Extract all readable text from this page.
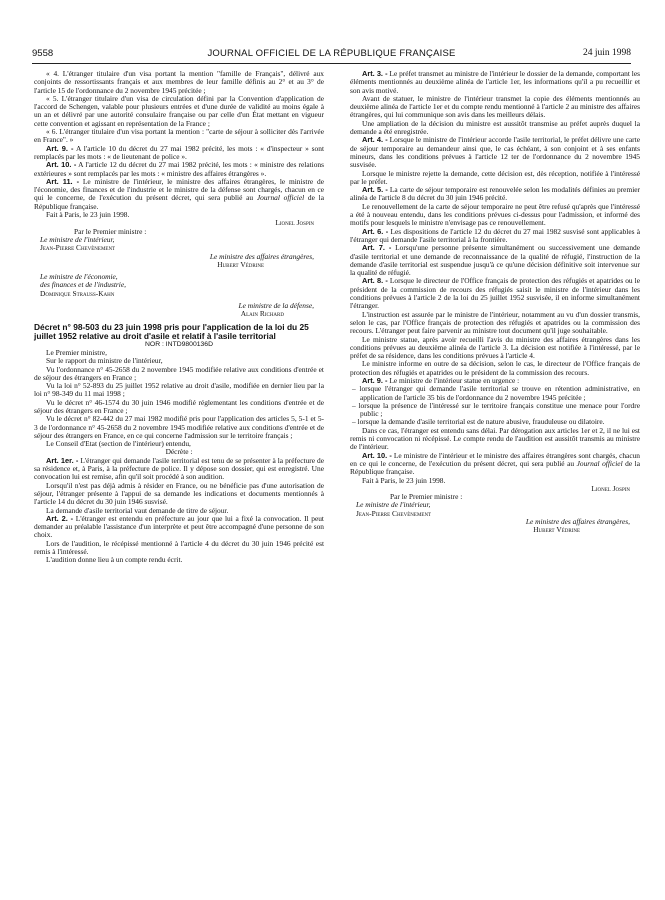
9558	JOURNAL OFFICIEL DE LA RÉPUBLIQUE FRANÇAISE	24 juin 1998

« 4. L'étranger titulaire d'un visa portant la mention "famille de Français", délivré aux conjoints de ressortissants français et aux membres de leur famille définis au 2° et au 3° de l'article 15 de l'ordonnance du 2 novembre 1945 précitée ;

« 5. L'étranger titulaire d'un visa de circulation défini par la Convention d'application de l'accord de Schengen, valable pour plusieurs entrées et d'une durée de validité au moins égale à un an et délivré par une autorité consulaire française ou par celle d'un État mettant en vigueur cette convention et agissant en représentation de la France ;

« 6. L'étranger titulaire d'un visa portant la mention : "carte de séjour à solliciter dès l'arrivée en France". »

Art. 9. - A l'article 10 du décret du 27 mai 1982 précité, les mots : « d'inspecteur » sont remplacés par les mots : « de lieutenant de police ».

Art. 10. - A l'article 12 du décret du 27 mai 1982 précité, les mots : « ministre des relations extérieures » sont remplacés par les mots : « ministre des affaires étrangères ».

Art. 11. - Le ministre de l'intérieur, le ministre des affaires étrangères, le ministre de l'économie, des finances et de l'industrie et le ministre de la défense sont chargés, chacun en ce qui le concerne, de l'exécution du présent décret, qui sera publié au Journal officiel de la République française.

Fait à Paris, le 23 juin 1998.

Lionel Jospin

Par le Premier ministre :

Le ministre de l'intérieur,

Jean-Pierre Chevènement

Le ministre des affaires étrangères,

Hubert Védrine

Le ministre de l'économie,

des finances et de l'industrie,

Dominique Strauss-Kahn

Le ministre de la défense,

Alain Richard

Décret n° 98-503 du 23 juin 1998 pris pour l'application de la loi du 25 juillet 1952 relative au droit d'asile et relatif à l'asile territorial

NOR : INTD9800136D

Le Premier ministre,

Sur le rapport du ministre de l'intérieur,

Vu l'ordonnance n° 45-2658 du 2 novembre 1945 modifiée relative aux conditions d'entrée et de séjour des étrangers en France ;

Vu la loi n° 52-893 du 25 juillet 1952 relative au droit d'asile, modifiée en dernier lieu par la loi n° 98-349 du 11 mai 1998 ;

Vu le décret n° 46-1574 du 30 juin 1946 modifié réglementant les conditions d'entrée et de séjour des étrangers en France ;

Vu le décret n° 82-442 du 27 mai 1982 modifié pris pour l'application des articles 5, 5-1 et 5-3 de l'ordonnance n° 45-2658 du 2 novembre 1945 modifiée relative aux conditions d'entrée et de séjour des étrangers en France, en ce qui concerne l'admission sur le territoire français ;

Le Conseil d'Etat (section de l'intérieur) entendu,

Décrète :

Art. 1er. - L'étranger qui demande l'asile territorial est tenu de se présenter à la préfecture de sa résidence et, à Paris, à la préfecture de police. Il y dépose son dossier, qui est enregistré. Une convocation lui est remise, afin qu'il soit procédé à son audition.

Lorsqu'il n'est pas déjà admis à résider en France, ou ne bénéficie pas d'une autorisation de séjour, l'étranger présente à l'appui de sa demande les indications et documents mentionnés à l'article 14 du décret du 30 juin 1946 susvisé.

La demande d'asile territorial vaut demande de titre de séjour.

Art. 2. - L'étranger est entendu en préfecture au jour que lui a fixé la convocation. Il peut demander au préalable l'assistance d'un interprète et peut être accompagné d'une personne de son choix.

Lors de l'audition, le récépissé mentionné à l'article 4 du décret du 30 juin 1946 précité est remis à l'intéressé.

L'audition donne lieu à un compte rendu écrit.

Art. 3. - Le préfet transmet au ministre de l'intérieur le dossier de la demande, comportant les éléments mentionnés au deuxième alinéa de l'article 1er, les informations qu'il a pu recueillir et son avis motivé.

Avant de statuer, le ministre de l'intérieur transmet la copie des éléments mentionnés au deuxième alinéa de l'article 1er et du compte rendu mentionné à l'article 2 au ministre des affaires étrangères, qui lui communique son avis dans les meilleurs délais.

Une ampliation de la décision du ministre est aussitôt transmise au préfet auprès duquel la demande a été enregistrée.

Art. 4. - Lorsque le ministre de l'intérieur accorde l'asile territorial, le préfet délivre une carte de séjour temporaire au demandeur ainsi que, le cas échéant, à son conjoint et à ses enfants mineurs, dans les conditions prévues à l'article 12 ter de l'ordonnance du 2 novembre 1945 susvisée.

Lorsque le ministre rejette la demande, cette décision est, dès réception, notifiée à l'intéressé par le préfet.

Art. 5. - La carte de séjour temporaire est renouvelée selon les modalités définies au premier alinéa de l'article 8 du décret du 30 juin 1946 précité.

Le renouvellement de la carte de séjour temporaire ne peut être refusé qu'après que l'intéressé a été à nouveau entendu, dans les conditions prévues ci-dessus pour l'admission, et informé des motifs pour lesquels le ministre n'envisage pas ce renouvellement.

Art. 6. - Les dispositions de l'article 12 du décret du 27 mai 1982 susvisé sont applicables à l'étranger qui demande l'asile territorial à la frontière.

Art. 7. - Lorsqu'une personne présente simultanément ou successivement une demande d'asile territorial et une demande de reconnaissance de la qualité de réfugié, l'instruction de la demande d'asile territorial est suspendue jusqu'à ce qu'une décision définitive soit intervenue sur la qualité de réfugié.

Art. 8. - Lorsque le directeur de l'Office français de protection des réfugiés et apatrides ou le président de la commission de recours des réfugiés saisit le ministre de l'intérieur dans les conditions prévues à l'article 2 de la loi du 25 juillet 1952 susvisée, il en informe simultanément l'étranger.

L'instruction est assurée par le ministre de l'intérieur, notamment au vu d'un dossier transmis, selon le cas, par l'Office français de protection des réfugiés et apatrides ou la commission des recours. L'étranger peut faire parvenir au ministre tout document qu'il juge souhaitable.

Le ministre statue, après avoir recueilli l'avis du ministre des affaires étrangères dans les conditions prévues au deuxième alinéa de l'article 3. La décision est notifiée à l'intéressé, par le préfet de sa résidence, dans les conditions prévues à l'article 4.

Le ministre informe en outre de sa décision, selon le cas, le directeur de l'Office français de protection des réfugiés et apatrides ou le président de la commission des recours.

Art. 9. - Le ministre de l'intérieur statue en urgence :

– lorsque l'étranger qui demande l'asile territorial se trouve en rétention administrative, en application de l'article 35 bis de l'ordonnance du 2 novembre 1945 précitée ;

– lorsque la présence de l'intéressé sur le territoire français constitue une menace pour l'ordre public ;

– lorsque la demande d'asile territorial est de nature abusive, frauduleuse ou dilatoire.

Dans ce cas, l'étranger est entendu sans délai. Par dérogation aux articles 1er et 2, il ne lui est remis ni convocation ni récépissé. Le compte rendu de l'audition est aussitôt transmis au ministre de l'intérieur.

Art. 10. - Le ministre de l'intérieur et le ministre des affaires étrangères sont chargés, chacun en ce qui le concerne, de l'exécution du présent décret, qui sera publié au Journal officiel de la République française.

Fait à Paris, le 23 juin 1998.

Lionel Jospin

Par le Premier ministre :

Le ministre de l'intérieur,

Jean-Pierre Chevènement

Le ministre des affaires étrangères,

Hubert Védrine
